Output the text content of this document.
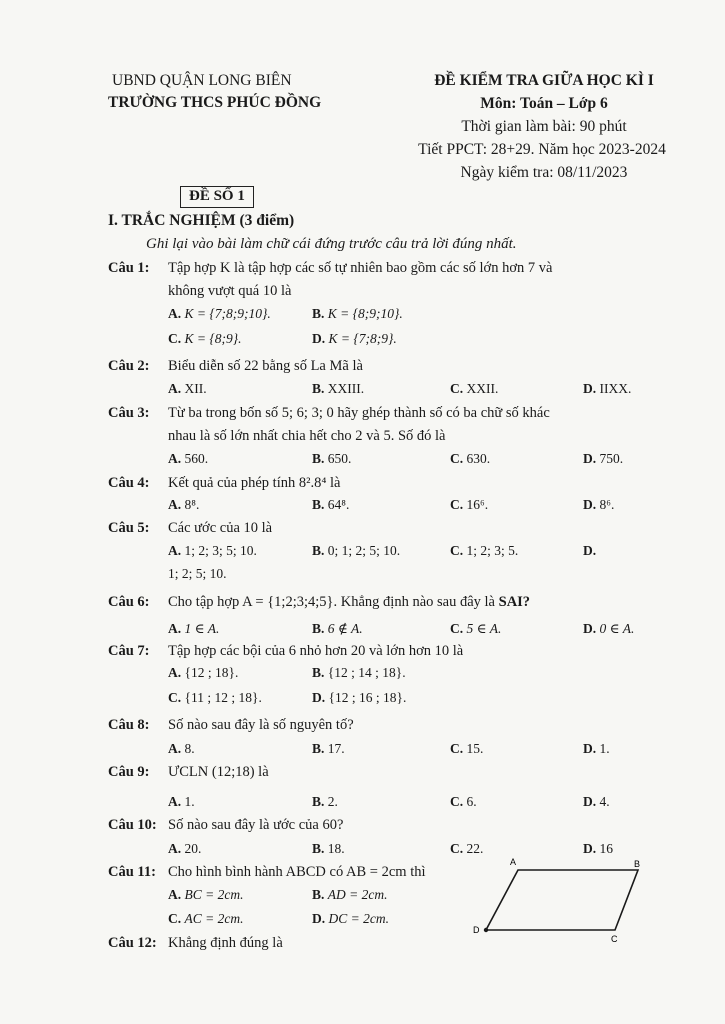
UBND QUẬN LONG BIÊN
TRƯỜNG THCS PHÚC ĐỒNG
ĐỀ KIỂM TRA GIỮA HỌC KÌ I
Môn: Toán – Lớp 6
Thời gian làm bài: 90 phút
Tiết PPCT: 28+29. Năm học 2023-2024
Ngày kiểm tra: 08/11/2023
ĐỀ SỐ 1
I. TRẮC NGHIỆM (3 điểm)
Ghi lại vào bài làm chữ cái đứng trước câu trả lời đúng nhất.
Câu 1: Tập hợp K là tập hợp các số tự nhiên bao gồm các số lớn hơn 7 và
không vượt quá 10 là
A. K = {7;8;9;10}.	B. K = {8;9;10}.
C. K = {8;9}.	D. K = {7;8;9}.
Câu 2: Biểu diễn số 22 bằng số La Mã là
A. XII.	B. XXIII.	C. XXII.	D. IIXX.
Câu 3: Từ ba trong bốn số 5; 6; 3; 0 hãy ghép thành số có ba chữ số khác
nhau là số lớn nhất chia hết cho 2 và 5. Số đó là
A. 560.	B. 650.	C. 630.	D. 750.
Câu 4: Kết quả của phép tính 8².8⁴ là
A. 8⁸.	B. 64⁸.	C. 16⁶.	D. 8⁶.
Câu 5: Các ước của 10 là
A. 1; 2; 3; 5; 10.	B. 0; 1; 2; 5; 10.	C. 1; 2; 3; 5.	D.
1; 2; 5; 10.
Câu 6: Cho tập hợp A = {1;2;3;4;5}. Khẳng định nào sau đây là SAI?
A. 1 ∈ A.	B. 6 ∉ A.	C. 5 ∈ A.	D. 0 ∈ A.
Câu 7: Tập hợp các bội của 6 nhỏ hơn 20 và lớn hơn 10 là
A. {12 ; 18}.	B. {12 ; 14 ; 18}.
C. {11 ; 12 ; 18}.	D. {12 ; 16 ; 18}.
Câu 8: Số nào sau đây là số nguyên tố?
A. 8.	B. 17.	C. 15.	D. 1.
Câu 9: ƯCLN (12;18) là
A. 1.	B. 2.	C. 6.	D. 4.
Câu 10: Số nào sau đây là ước của 60?
A. 20.	B. 18.	C. 22.	D. 16
Câu 11: Cho hình bình hành ABCD có AB = 2cm thì
A. BC = 2cm.	B. AD = 2cm.
C. AC = 2cm.	D. DC = 2cm.
A	B
C
D
Câu 12: Khẳng định đúng là
